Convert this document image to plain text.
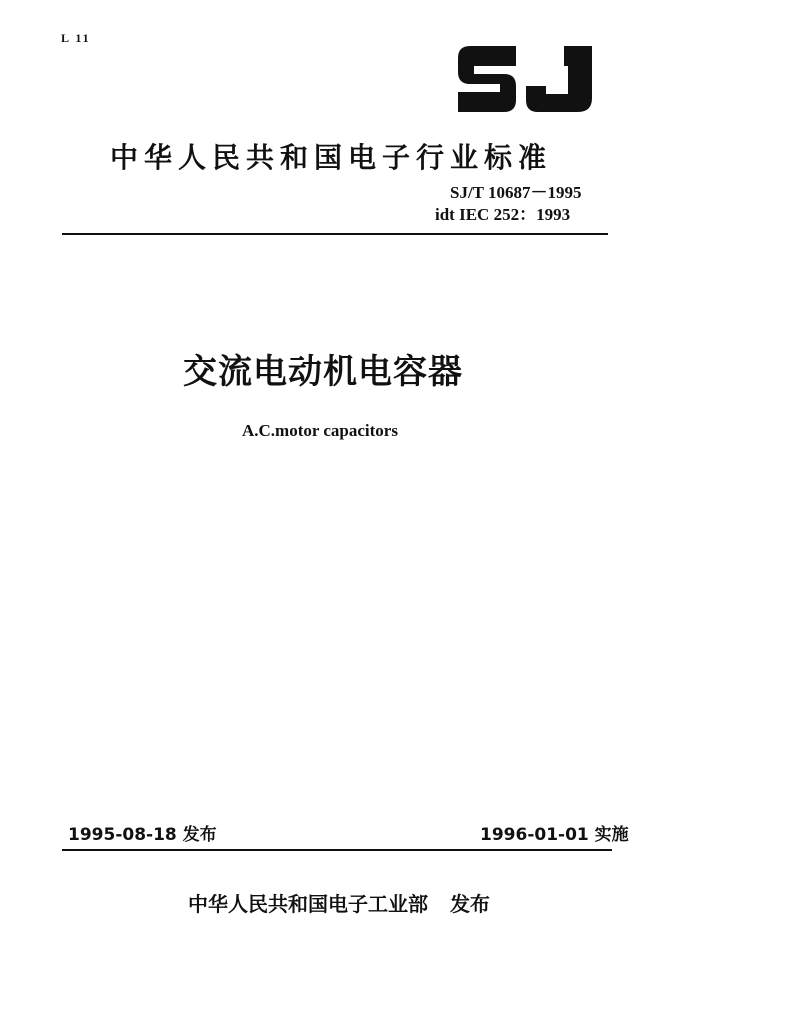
L 11
中华人民共和国电子行业标准
SJ/T 10687－1995
idt IEC 252：1993
交流电动机电容器
A.C.motor capacitors
1995-08-18 发布	1996-01-01 实施
中华人民共和国电子工业部 发布
